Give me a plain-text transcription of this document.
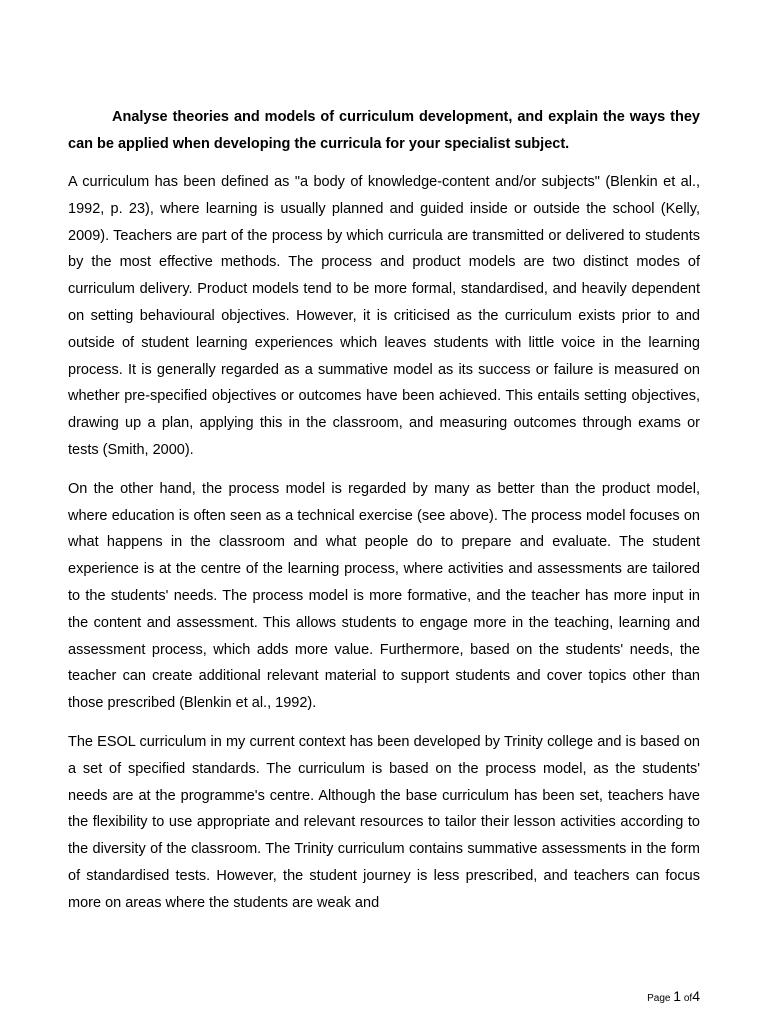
Analyse theories and models of curriculum development, and explain the ways they can be applied when developing the curricula for your specialist subject.

A curriculum has been defined as "a body of knowledge-content and/or subjects" (Blenkin et al., 1992, p. 23), where learning is usually planned and guided inside or outside the school (Kelly, 2009). Teachers are part of the process by which curricula are transmitted or delivered to students by the most effective methods. The process and product models are two distinct modes of curriculum delivery. Product models tend to be more formal, standardised, and heavily dependent on setting behavioural objectives. However, it is criticised as the curriculum exists prior to and outside of student learning experiences which leaves students with little voice in the learning process. It is generally regarded as a summative model as its success or failure is measured on whether pre-specified objectives or outcomes have been achieved. This entails setting objectives, drawing up a plan, applying this in the classroom, and measuring outcomes through exams or tests (Smith, 2000).

On the other hand, the process model is regarded by many as better than the product model, where education is often seen as a technical exercise (see above). The process model focuses on what happens in the classroom and what people do to prepare and evaluate. The student experience is at the centre of the learning process, where activities and assessments are tailored to the students' needs. The process model is more formative, and the teacher has more input in the content and assessment. This allows students to engage more in the teaching, learning and assessment process, which adds more value. Furthermore, based on the students' needs, the teacher can create additional relevant material to support students and cover topics other than those prescribed (Blenkin et al., 1992).

The ESOL curriculum in my current context has been developed by Trinity college and is based on a set of specified standards. The curriculum is based on the process model, as the students' needs are at the programme's centre. Although the base curriculum has been set, teachers have the flexibility to use appropriate and relevant resources to tailor their lesson activities according to the diversity of the classroom. The Trinity curriculum contains summative assessments in the form of standardised tests. However, the student journey is less prescribed, and teachers can focus more on areas where the students are weak and

Page 1 of4
